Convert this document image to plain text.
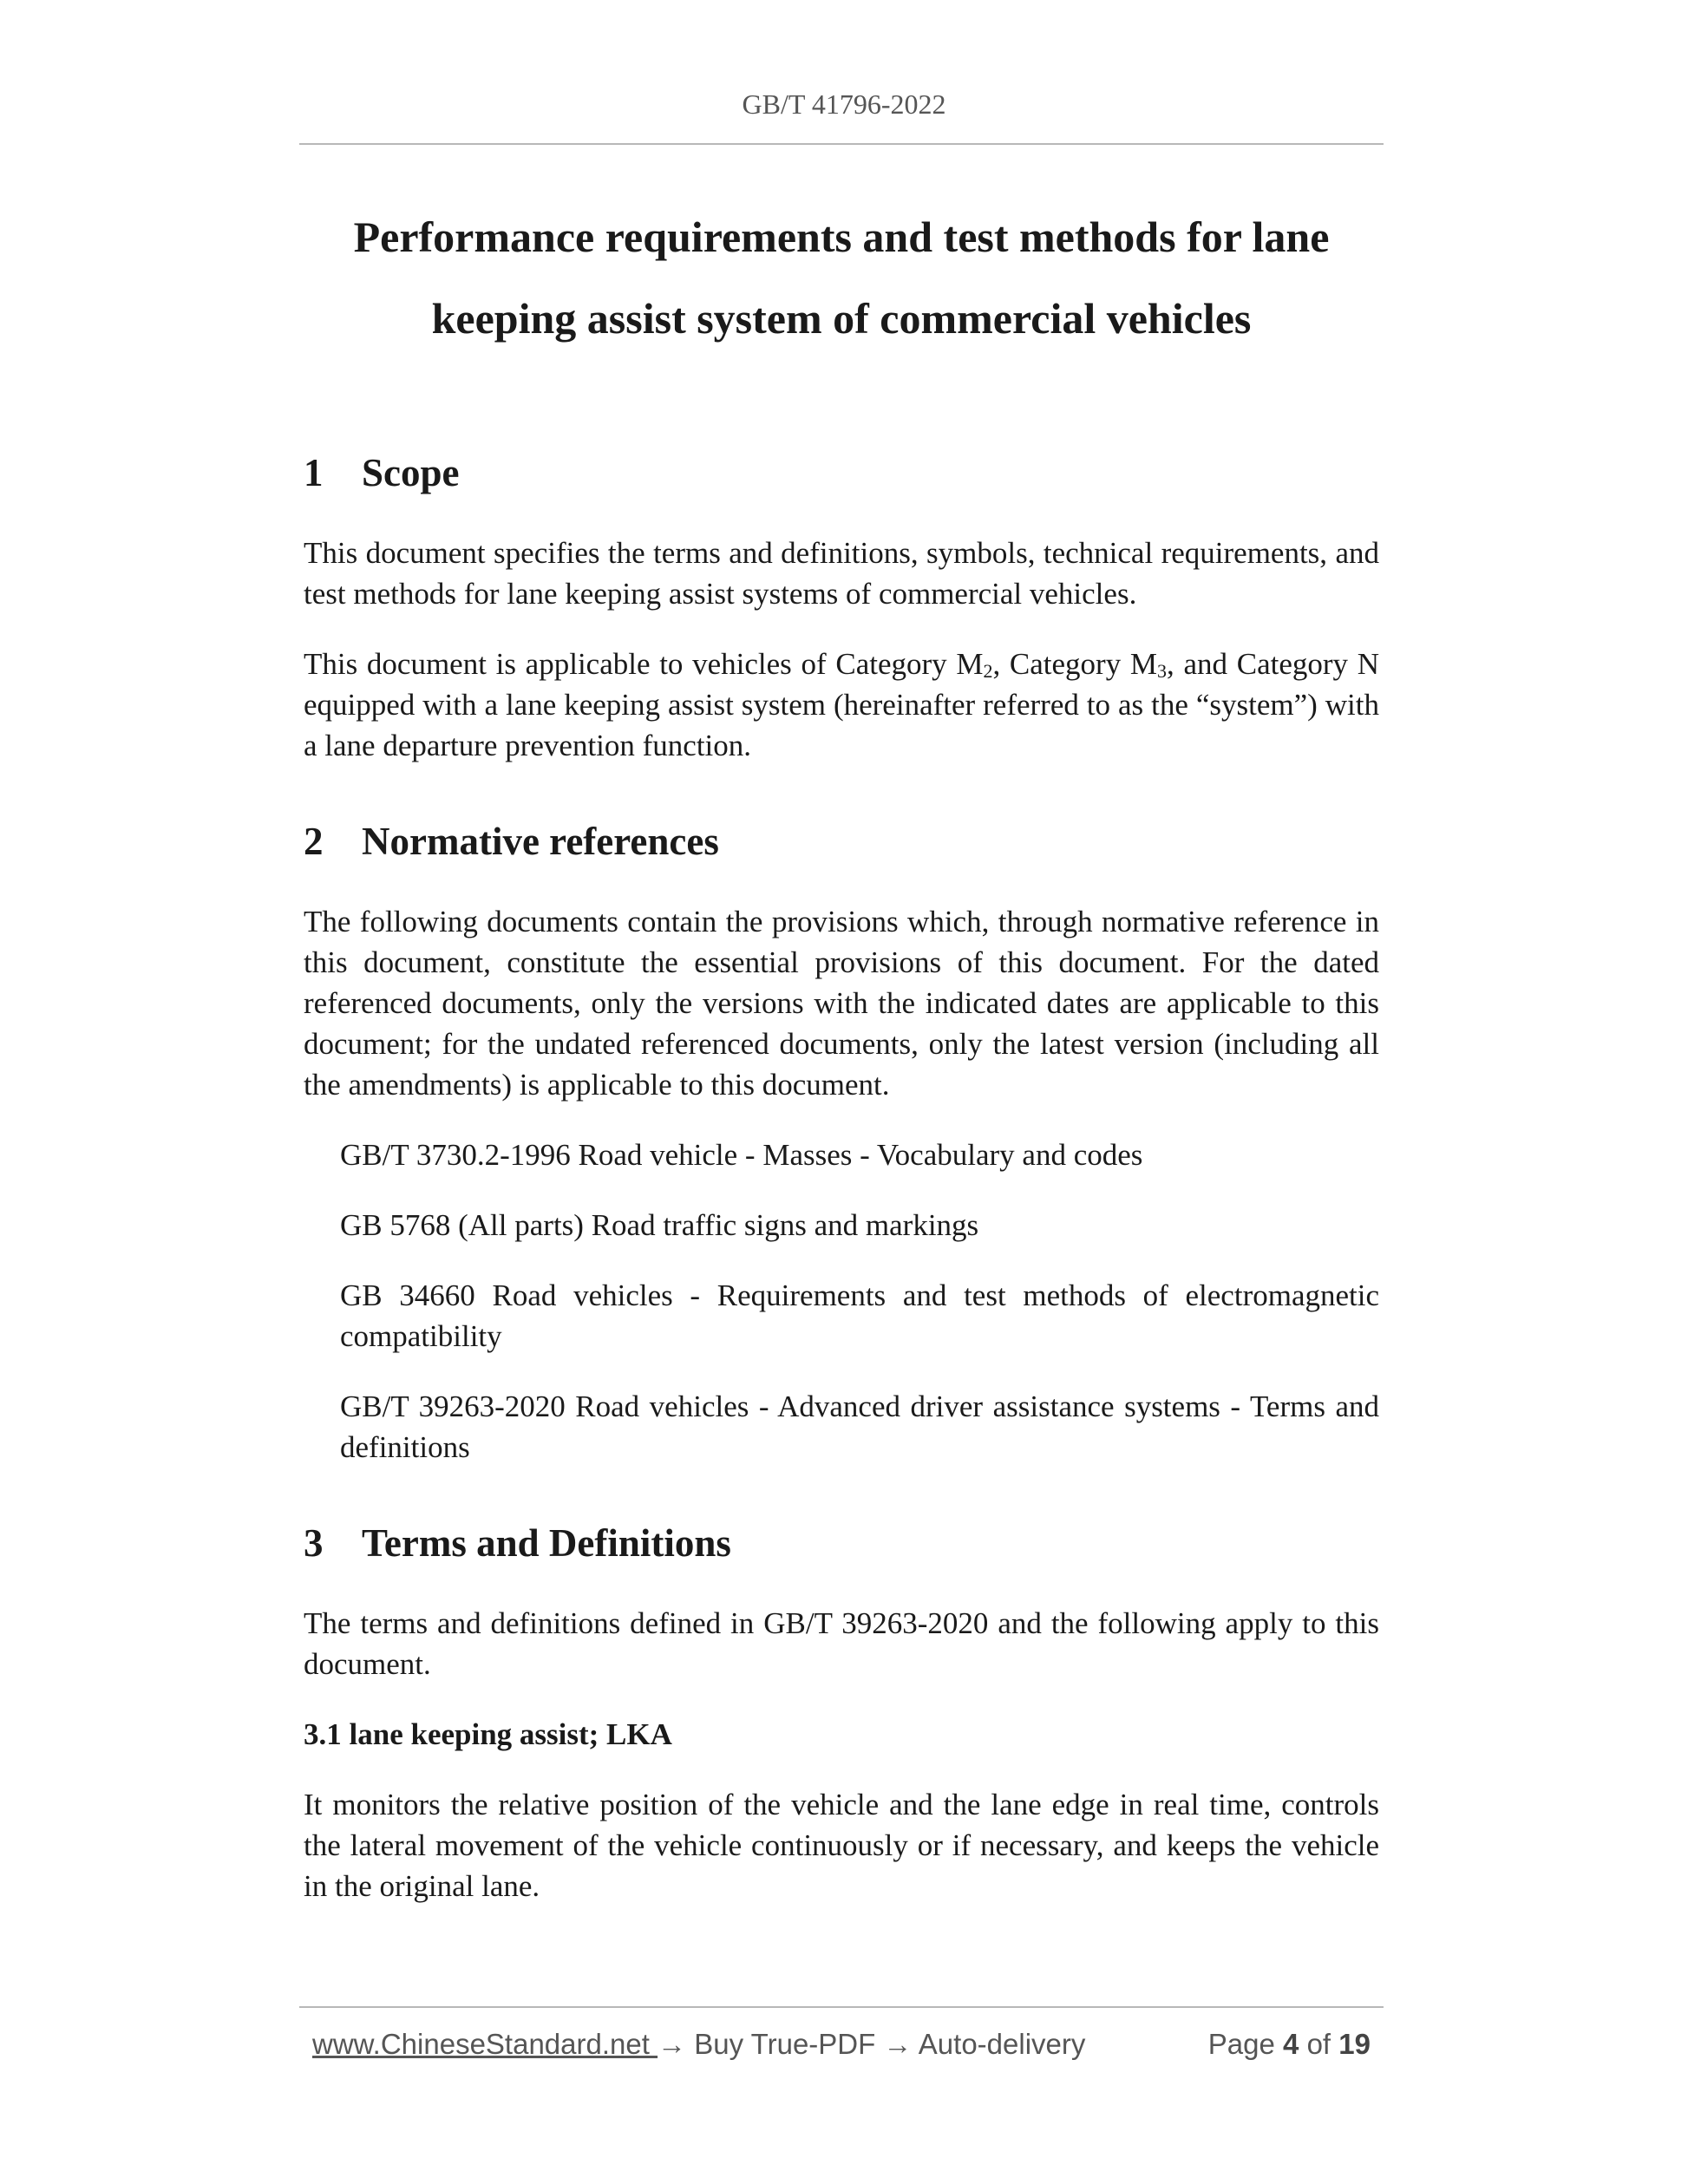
GB/T 41796-2022
Performance requirements and test methods for lane
keeping assist system of commercial vehicles
1 Scope

This document specifies the terms and definitions, symbols, technical requirements, and test methods for lane keeping assist systems of commercial vehicles.

This document is applicable to vehicles of Category $M_2$, Category $M_3$, and Category N equipped with a lane keeping assist system (hereinafter referred to as the “system”) with a lane departure prevention function.

2 Normative references

The following documents contain the provisions which, through normative reference in this document, constitute the essential provisions of this document. For the dated referenced documents, only the versions with the indicated dates are applicable to this document; for the undated referenced documents, only the latest version (including all the amendments) is applicable to this document.

GB/T 3730.2-1996 Road vehicle - Masses - Vocabulary and codes

GB 5768 (All parts) Road traffic signs and markings

GB 34660 Road vehicles - Requirements and test methods of electromagnetic compatibility

GB/T 39263-2020 Road vehicles - Advanced driver assistance systems - Terms and definitions

3 Terms and Definitions

The terms and definitions defined in GB/T 39263-2020 and the following apply to this document.

3.1 lane keeping assist; LKA

It monitors the relative position of the vehicle and the lane edge in real time, controls the lateral movement of the vehicle continuously or if necessary, and keeps the vehicle in the original lane.

www.ChineseStandard.net → Buy True-PDF → Auto-delivery	Page 4 of 19
